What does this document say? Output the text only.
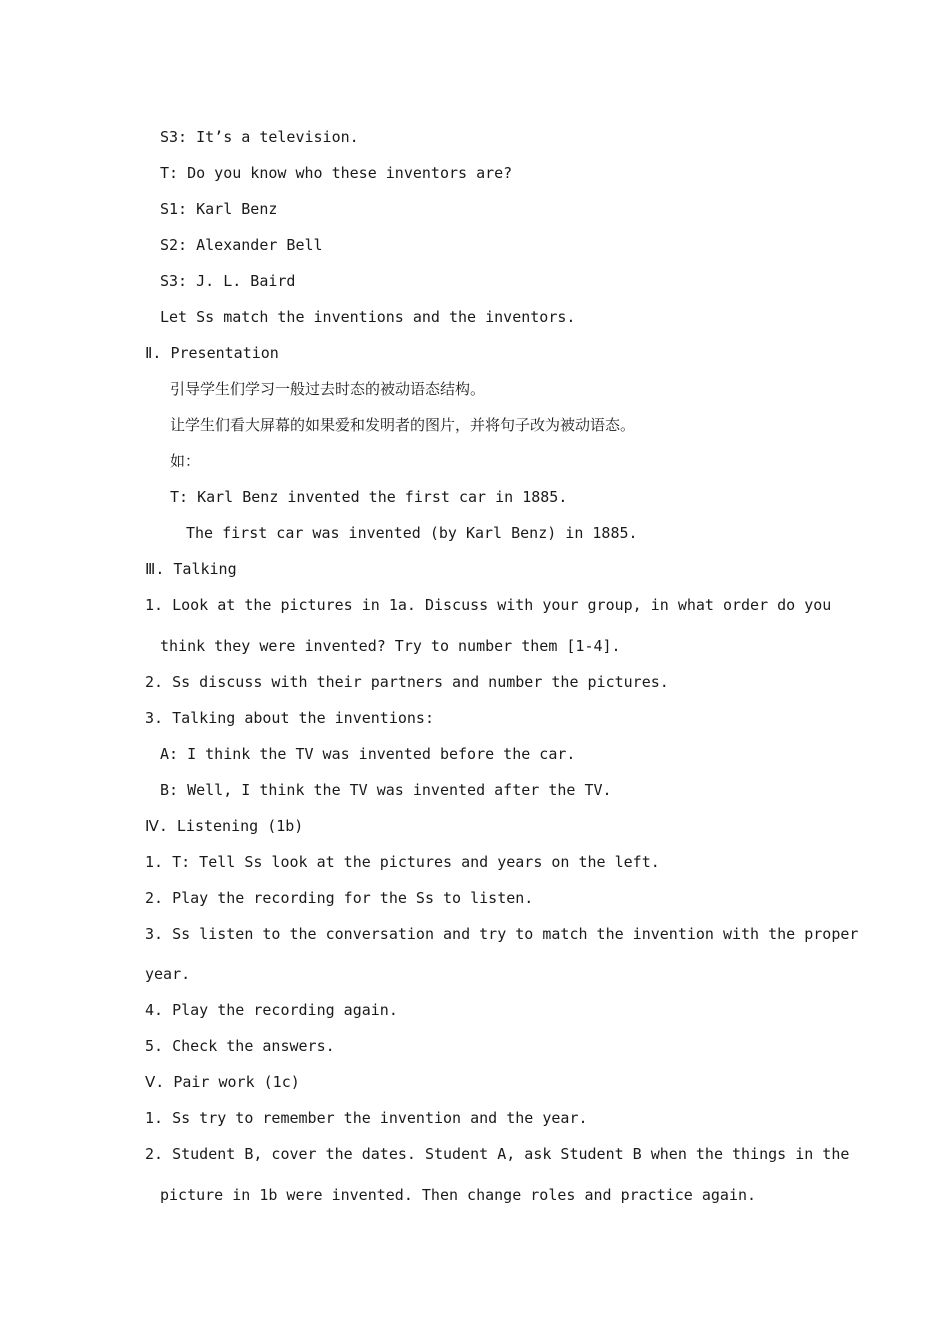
S3: It’s a television.
T: Do you know who these inventors are?
S1: Karl Benz
S2: Alexander Bell
S3: J. L. Baird
Let Ss match the inventions and the inventors.
Ⅱ. Presentation
引导学生们学习一般过去时态的被动语态结构。
让学生们看大屏幕的如果爱和发明者的图片，并将句子改为被动语态。
如：
T: Karl Benz invented the first car in 1885.
The first car was invented (by Karl Benz) in 1885.
Ⅲ. Talking
1. Look at the pictures in 1a. Discuss with your group, in what order do you
think they were invented? Try to number them [1-4].
2. Ss discuss with their partners and number the pictures.
3. Talking about the inventions:
A: I think the TV was invented before the car.
B: Well, I think the TV was invented after the TV.
Ⅳ. Listening (1b)
1. T: Tell Ss look at the pictures and years on the left.
2. Play the recording for the Ss to listen.
3. Ss listen to the conversation and try to match the invention with the proper
year.
4. Play the recording again.
5. Check the answers.
Ⅴ. Pair work (1c)
1. Ss try to remember the invention and the year.
2. Student B, cover the dates. Student A, ask Student B when the things in the
picture in 1b were invented. Then change roles and practice again.
